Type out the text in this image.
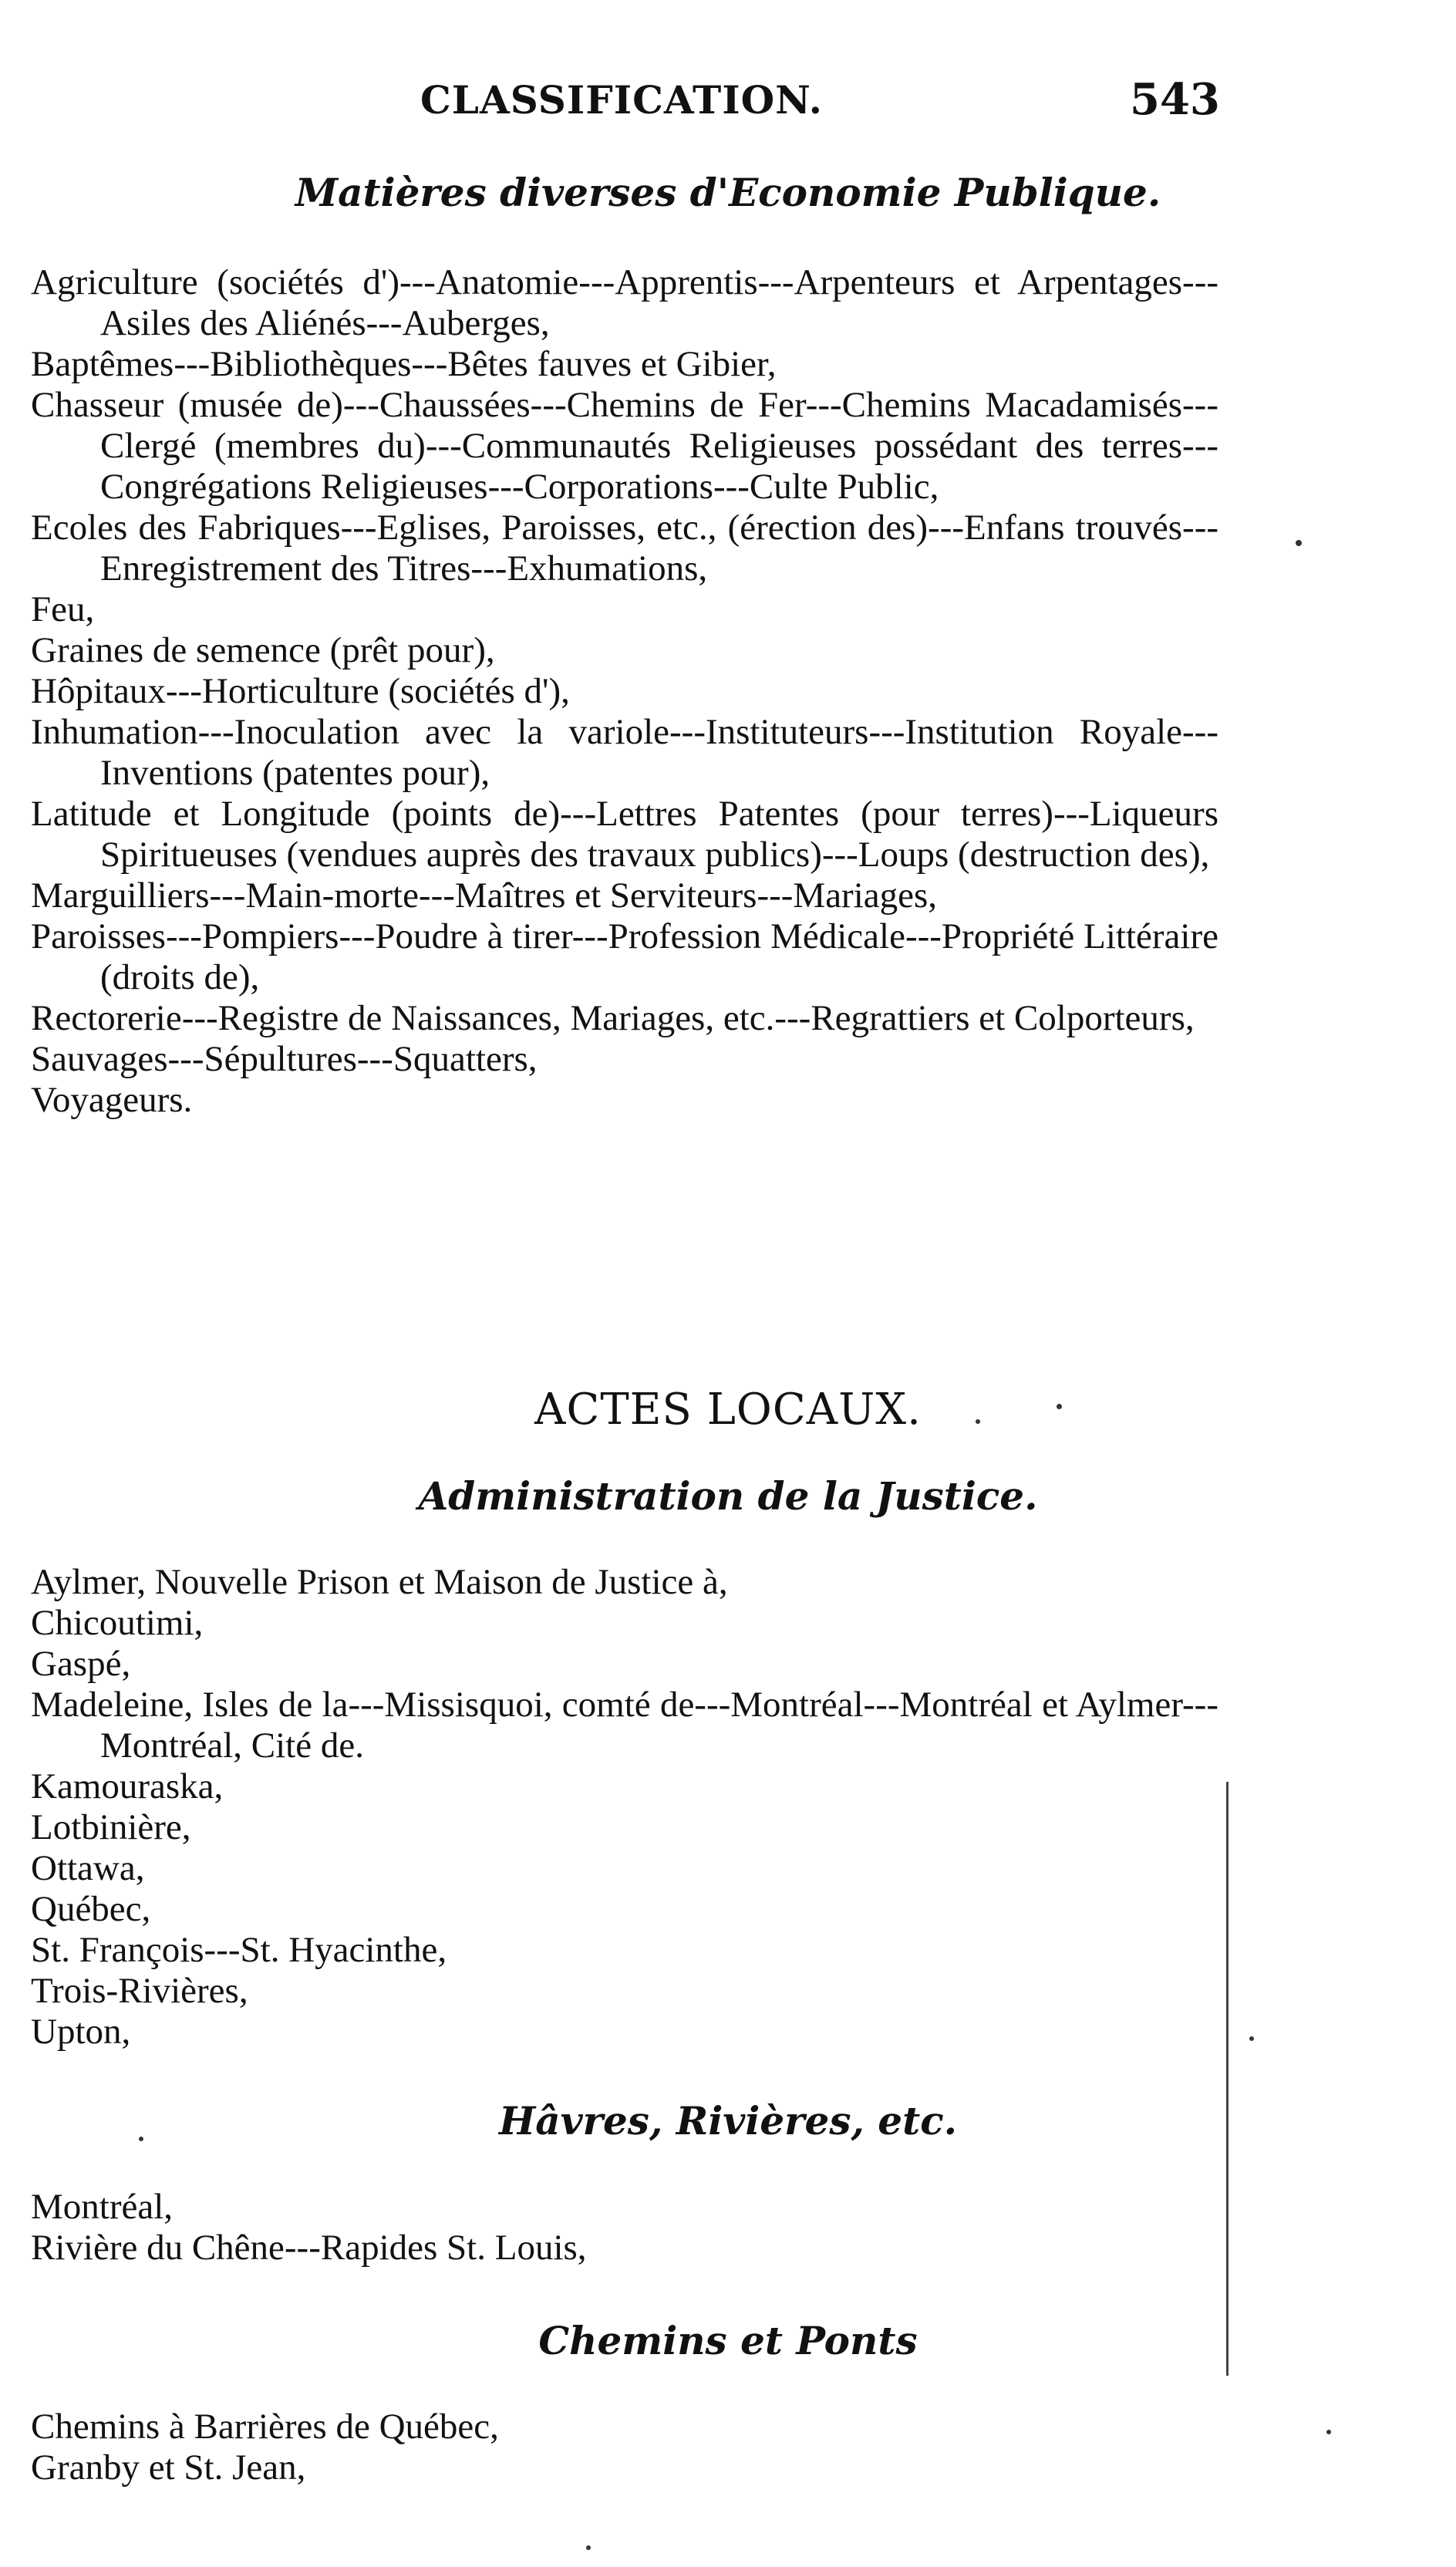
CLASSIFICATION.	543
Matières diverses d'Economie Publique.
Agriculture (sociétés d')---Anatomie---Apprentis---Arpenteurs et Arpentages---Asiles des Aliénés---Auberges,
Baptêmes---Bibliothèques---Bêtes fauves et Gibier,
Chasseur (musée de)---Chaussées---Chemins de Fer---Chemins Macadamisés---Clergé (membres du)---Communautés Religieuses possédant des terres---Congrégations Religieuses---Corporations---Culte Public,
Ecoles des Fabriques---Eglises, Paroisses, etc., (érection des)---Enfans trouvés---Enregistrement des Titres---Exhumations,
Feu,
Graines de semence (prêt pour),
Hôpitaux---Horticulture (sociétés d'),
Inhumation---Inoculation avec la variole---Instituteurs---Institution Royale---Inventions (patentes pour),
Latitude et Longitude (points de)---Lettres Patentes (pour terres)---Liqueurs Spiritueuses (vendues auprès des travaux publics)---Loups (destruction des),
Marguilliers---Main-morte---Maîtres et Serviteurs---Mariages,
Paroisses---Pompiers---Poudre à tirer---Profession Médicale---Propriété Littéraire (droits de),
Rectorerie---Registre de Naissances, Mariages, etc.---Regrattiers et Colporteurs,
Sauvages---Sépultures---Squatters,
Voyageurs.
ACTES LOCAUX.
Administration de la Justice.
Aylmer, Nouvelle Prison et Maison de Justice à,
Chicoutimi,
Gaspé,
Madeleine, Isles de la---Missisquoi, comté de---Montréal---Montréal et Aylmer---Montréal, Cité de.
Kamouraska,
Lotbinière,
Ottawa,
Québec,
St. François---St. Hyacinthe,
Trois-Rivières,
Upton,
Hâvres, Rivières, etc.
Montréal,
Rivière du Chêne---Rapides St. Louis,
Chemins et Ponts
Chemins à Barrières de Québec,
Granby et St. Jean,
